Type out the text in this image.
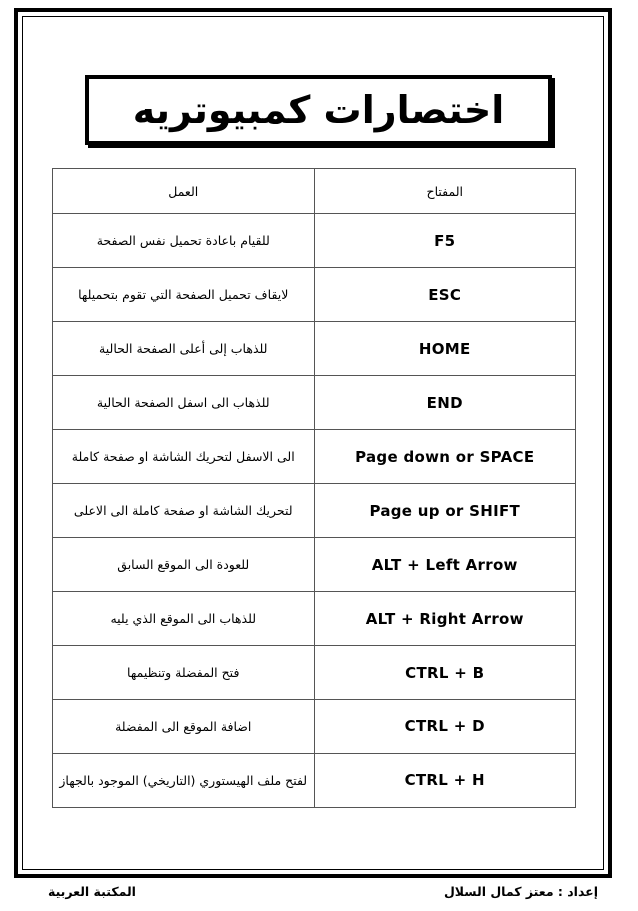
اختصارات كمبيوتريه
العمل	المفتاح
للقيام باعادة تحميل نفس الصفحة	F5
لايقاف تحميل الصفحة التي تقوم بتحميلها	ESC
للذهاب إلى أعلى الصفحة الحالية	HOME
للذهاب الى اسفل الصفحة الحالية	END
الى الاسفل لتحريك الشاشة او صفحة كاملة	Page down or SPACE
لتحريك الشاشة او صفحة كاملة الى الاعلى	Page up or SHIFT
للعودة الى الموقع السابق	ALT + Left Arrow
للذهاب الى الموقع الذي يليه	ALT + Right Arrow
فتح المفضلة وتنظيمها	CTRL + B
اضافة الموقع الى المفضلة	CTRL + D
لفتح ملف الهيستوري (التاريخي) الموجود بالجهاز	CTRL + H
إعداد : معتز كمال السلال
المكتبة العربية
